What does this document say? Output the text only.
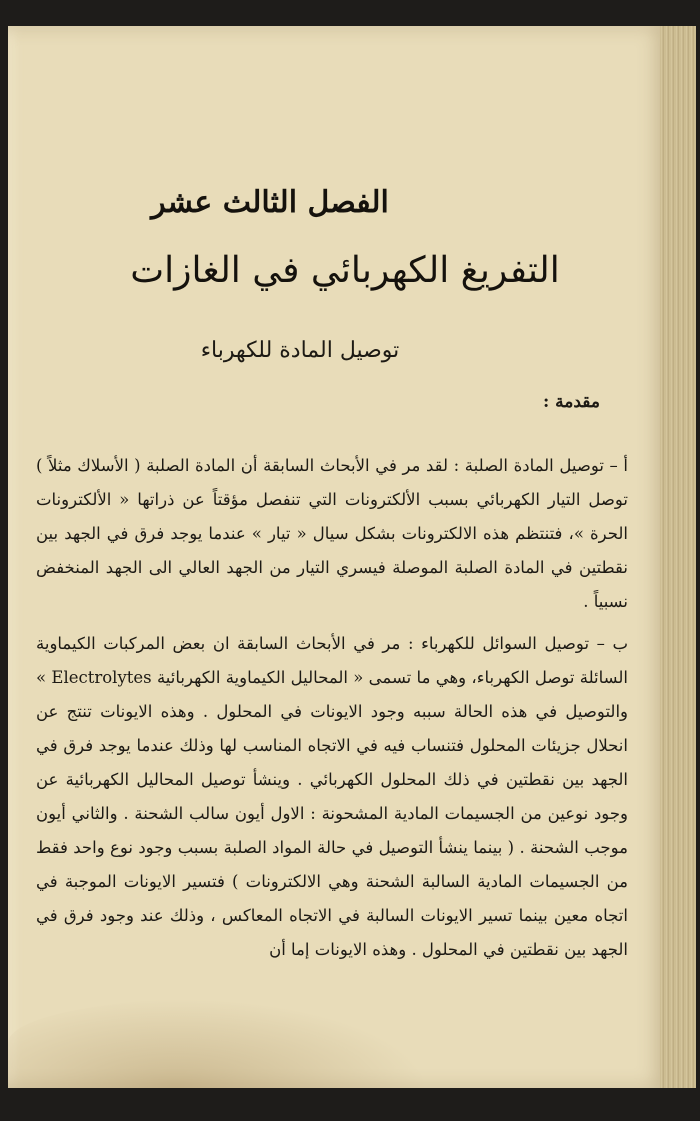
الفصل الثالث عشر
التفريغ الكهربائي في الغازات
توصيل المادة للكهرباء
مقدمة :
أ – توصيل المادة الصلبة : لقد مر في الأبحاث السابقة أن المادة الصلبة ( الأسلاك مثلاً ) توصل التيار الكهربائي بسبب الألكترونات التي تنفصل مؤقتاً عن ذراتها « الألكترونات الحرة »، فتنتظم هذه الالكترونات بشكل سيال « تيار » عندما يوجد فرق في الجهد بين نقطتين في المادة الصلبة الموصلة فيسري التيار من الجهد العالي الى الجهد المنخفض نسبياً .
ب – توصيل السوائل للكهرباء : مر في الأبحاث السابقة ان بعض المركبات الكيماوية السائلة توصل الكهرباء، وهي ما تسمى « المحاليل الكيماوية الكهربائية Electrolytes » والتوصيل في هذه الحالة سببه وجود الايونات في المحلول . وهذه الايونات تنتج عن انحلال جزيئات المحلول فتنساب فيه في الاتجاه المناسب لها وذلك عندما يوجد فرق في الجهد بين نقطتين في ذلك المحلول الكهربائي . وينشأ توصيل المحاليل الكهربائية عن وجود نوعين من الجسيمات المادية المشحونة : الاول أيون سالب الشحنة . والثاني أيون موجب الشحنة . ( بينما ينشأ التوصيل في حالة المواد الصلبة بسبب وجود نوع واحد فقط من الجسيمات المادية السالبة الشحنة وهي الالكترونات ) فتسير الايونات الموجبة في اتجاه معين بينما تسير الايونات السالبة في الاتجاه المعاكس ، وذلك عند وجود فرق في الجهد بين نقطتين في المحلول . وهذه الايونات إما أن
